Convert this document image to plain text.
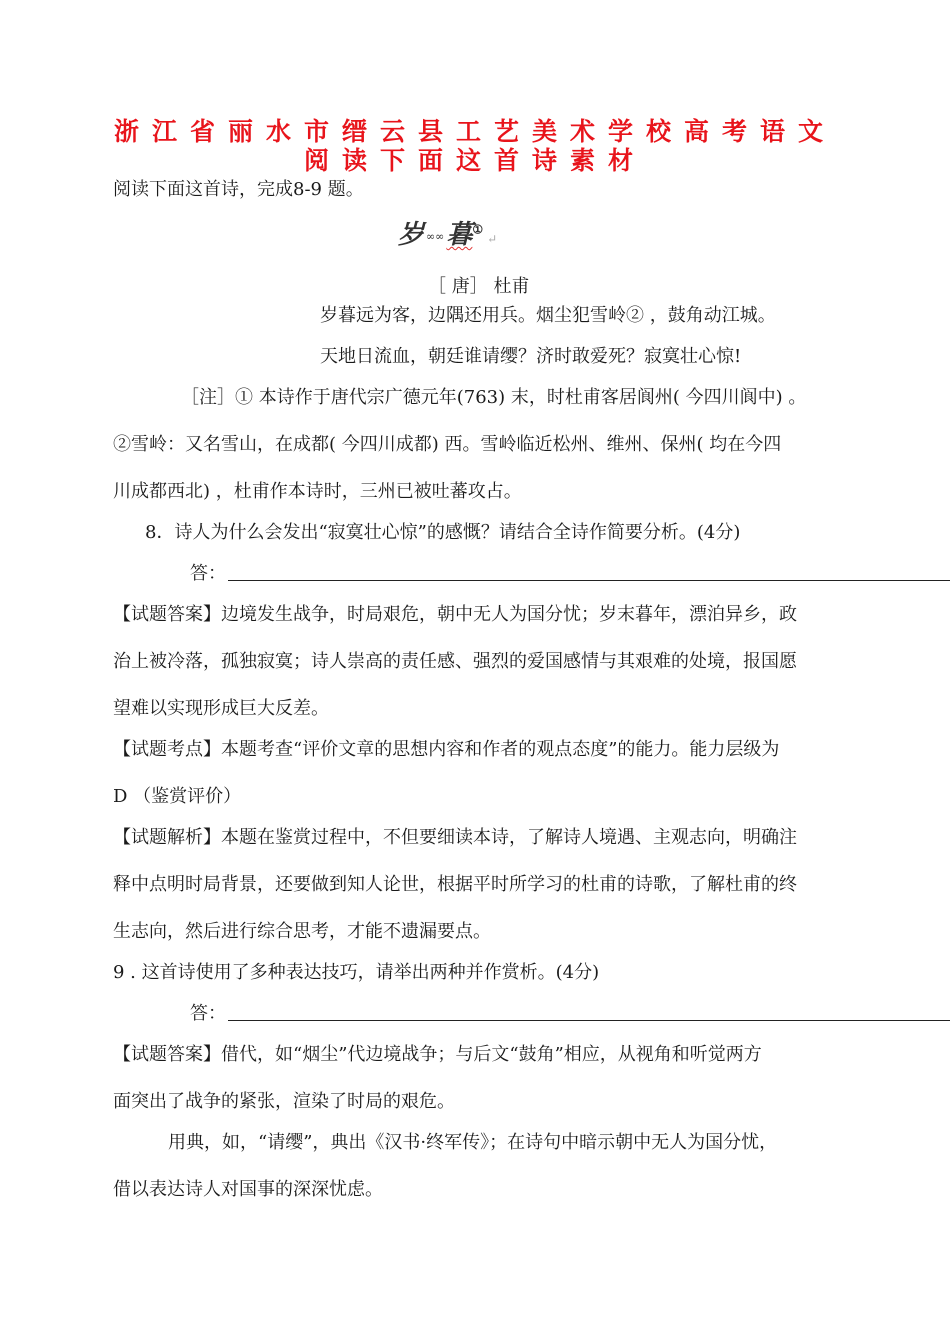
浙江省丽水市缙云县工艺美术学校高考语文
阅读下面这首诗素材
阅读下面这首诗，完成8-9 题。
岁 ∞∞暮①↵
［ 唐］ 杜甫
岁暮远为客，边隅还用兵。烟尘犯雪岭② ，鼓角动江城。
天地日流血，朝廷谁请缨？济时敢爱死？寂寞壮心惊!
［注］① 本诗作于唐代宗广德元年(763) 末，时杜甫客居阆州( 今四川阆中) 。
②雪岭：又名雪山，在成都( 今四川成都) 西。雪岭临近松州、维州、保州( 均在今四
川成都西北) ，杜甫作本诗时，三州已被吐蕃攻占。
8．诗人为什么会发出“寂寞壮心惊”的感慨？请结合全诗作简要分析。(4分)
答：
【试题答案】边境发生战争，时局艰危，朝中无人为国分忧；岁末暮年，漂泊异乡，政
治上被冷落，孤独寂寞；诗人崇高的责任感、强烈的爱国感情与其艰难的处境，报国愿
望难以实现形成巨大反差。
【试题考点】本题考查“评价文章的思想内容和作者的观点态度”的能力。能力层级为
D （鉴赏评价）
【试题解析】本题在鉴赏过程中，不但要细读本诗，了解诗人境遇、主观志向，明确注
释中点明时局背景，还要做到知人论世，根据平时所学习的杜甫的诗歌，了解杜甫的终
生志向，然后进行综合思考，才能不遗漏要点。
9 . 这首诗使用了多种表达技巧，请举出两种并作赏析。(4分)
答：
【试题答案】借代，如“烟尘”代边境战争；与后文“鼓角”相应，从视角和听觉两方
面突出了战争的紧张，渲染了时局的艰危。
用典，如，“请缨”，典出《汉书·终军传》；在诗句中暗示朝中无人为国分忧，
借以表达诗人对国事的深深忧虑。
